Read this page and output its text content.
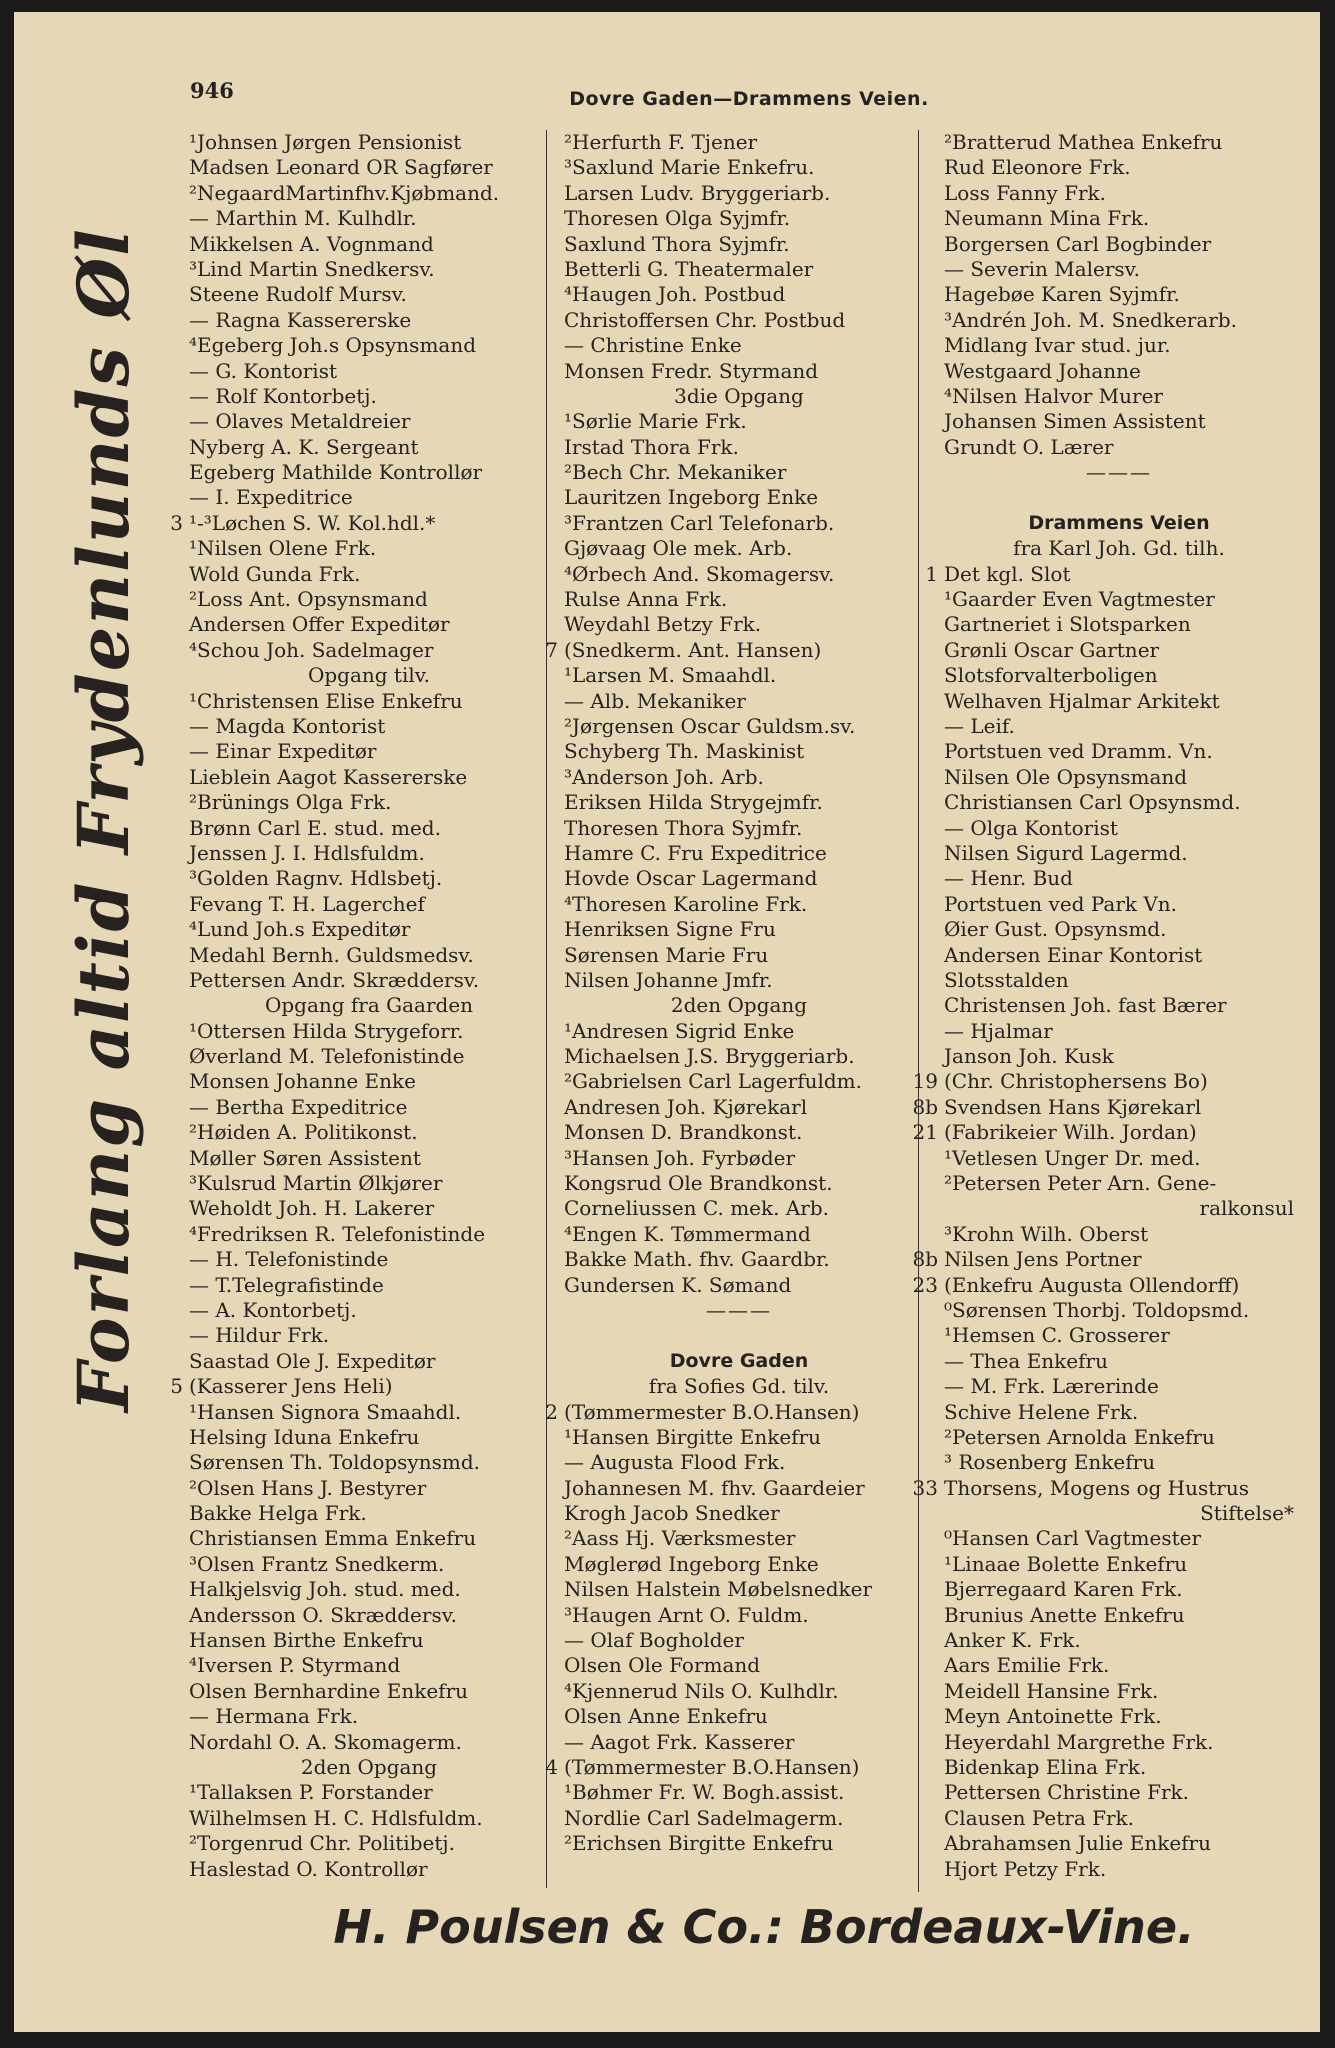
946	Dovre Gaden—Drammens Veien.
Forlang altid Frydenlunds Øl
¹Johnsen Jørgen Pensionist
Madsen Leonard OR Sagfører
²NegaardMartinfhv.Kjøbmand.
— Marthin M. Kulhdlr.
Mikkelsen A. Vognmand
³Lind Martin Snedkersv.
Steene Rudolf Mursv.
— Ragna Kassererske
⁴Egeberg Joh.s Opsynsmand
— G. Kontorist
— Rolf Kontorbetj.
— Olaves Metaldreier
Nyberg A. K. Sergeant
Egeberg Mathilde Kontrollør
— I. Expeditrice
3 ¹-³Løchen S. W. Kol.hdl.*
¹Nilsen Olene Frk.
Wold Gunda Frk.
²Loss Ant. Opsynsmand
Andersen Offer Expeditør
⁴Schou Joh. Sadelmager
Opgang tilv.
¹Christensen Elise Enkefru
— Magda Kontorist
— Einar Expeditør
Lieblein Aagot Kassererske
²Brünings Olga Frk.
Brønn Carl E. stud. med.
Jenssen J. I. Hdlsfuldm.
³Golden Ragnv. Hdlsbetj.
Fevang T. H. Lagerchef
⁴Lund Joh.s Expeditør
Medahl Bernh. Guldsmedsv.
Pettersen Andr. Skræddersv.
Opgang fra Gaarden
¹Ottersen Hilda Strygeforr.
Øverland M. Telefonistinde
Monsen Johanne Enke
— Bertha Expeditrice
²Høiden A. Politikonst.
Møller Søren Assistent
³Kulsrud Martin Ølkjører
Weholdt Joh. H. Lakerer
⁴Fredriksen R. Telefonistinde
— H. Telefonistinde
— T.Telegrafistinde
— A. Kontorbetj.
— Hildur Frk.
Saastad Ole J. Expeditør
5 (Kasserer Jens Heli)
¹Hansen Signora Smaahdl.
Helsing Iduna Enkefru
Sørensen Th. Toldopsynsmd.
²Olsen Hans J. Bestyrer
Bakke Helga Frk.
Christiansen Emma Enkefru
³Olsen Frantz Snedkerm.
Halkjelsvig Joh. stud. med.
Andersson O. Skræddersv.
Hansen Birthe Enkefru
⁴Iversen P. Styrmand
Olsen Bernhardine Enkefru
— Hermana Frk.
Nordahl O. A. Skomagerm.
2den Opgang
¹Tallaksen P. Forstander
Wilhelmsen H. C. Hdlsfuldm.
²Torgenrud Chr. Politibetj.
Haslestad O. Kontrollør
²Herfurth F. Tjener
³Saxlund Marie Enkefru.
Larsen Ludv. Bryggeriarb.
Thoresen Olga Syjmfr.
Saxlund Thora Syjmfr.
Betterli G. Theatermaler
⁴Haugen Joh. Postbud
Christoffersen Chr. Postbud
— Christine Enke
Monsen Fredr. Styrmand
3die Opgang
¹Sørlie Marie Frk.
Irstad Thora Frk.
²Bech Chr. Mekaniker
Lauritzen Ingeborg Enke
³Frantzen Carl Telefonarb.
Gjøvaag Ole mek. Arb.
⁴Ørbech And. Skomagersv.
Rulse Anna Frk.
Weydahl Betzy Frk.
7 (Snedkerm. Ant. Hansen)
¹Larsen M. Smaahdl.
— Alb. Mekaniker
²Jørgensen Oscar Guldsm.sv.
Schyberg Th. Maskinist
³Anderson Joh. Arb.
Eriksen Hilda Strygejmfr.
Thoresen Thora Syjmfr.
Hamre C. Fru Expeditrice
Hovde Oscar Lagermand
⁴Thoresen Karoline Frk.
Henriksen Signe Fru
Sørensen Marie Fru
Nilsen Johanne Jmfr.
2den Opgang
¹Andresen Sigrid Enke
Michaelsen J.S. Bryggeriarb.
²Gabrielsen Carl Lagerfuldm.
Andresen Joh. Kjørekarl
Monsen D. Brandkonst.
³Hansen Joh. Fyrbøder
Kongsrud Ole Brandkonst.
Corneliussen C. mek. Arb.
⁴Engen K. Tømmermand
Bakke Math. fhv. Gaardbr.
Gundersen K. Sømand
———
Dovre Gaden
fra Sofies Gd. tilv.
2 (Tømmermester B.O.Hansen)
¹Hansen Birgitte Enkefru
— Augusta Flood Frk.
Johannesen M. fhv. Gaardeier
Krogh Jacob Snedker
²Aass Hj. Værksmester
Møglerød Ingeborg Enke
Nilsen Halstein Møbelsnedker
³Haugen Arnt O. Fuldm.
— Olaf Bogholder
Olsen Ole Formand
⁴Kjennerud Nils O. Kulhdlr.
Olsen Anne Enkefru
— Aagot Frk. Kasserer
4 (Tømmermester B.O.Hansen)
¹Bøhmer Fr. W. Bogh.assist.
Nordlie Carl Sadelmagerm.
²Erichsen Birgitte Enkefru
²Bratterud Mathea Enkefru
Rud Eleonore Frk.
Loss Fanny Frk.
Neumann Mina Frk.
Borgersen Carl Bogbinder
— Severin Malersv.
Hagebøe Karen Syjmfr.
³Andrén Joh. M. Snedkerarb.
Midlang Ivar stud. jur.
Westgaard Johanne
⁴Nilsen Halvor Murer
Johansen Simen Assistent
Grundt O. Lærer
———
Drammens Veien
fra Karl Joh. Gd. tilh.
1 Det kgl. Slot
¹Gaarder Even Vagtmester
Gartneriet i Slotsparken
Grønli Oscar Gartner
Slotsforvalterboligen
Welhaven Hjalmar Arkitekt
— Leif.
Portstuen ved Dramm. Vn.
Nilsen Ole Opsynsmand
Christiansen Carl Opsynsmd.
— Olga Kontorist
Nilsen Sigurd Lagermd.
— Henr. Bud
Portstuen ved Park Vn.
Øier Gust. Opsynsmd.
Andersen Einar Kontorist
Slotsstalden
Christensen Joh. fast Bærer
— Hjalmar
Janson Joh. Kusk
19 (Chr. Christophersens Bo)
8b Svendsen Hans Kjørekarl
21 (Fabrikeier Wilh. Jordan)
¹Vetlesen Unger Dr. med.
²Petersen Peter Arn. Gene-
ralkonsul
³Krohn Wilh. Oberst
8b Nilsen Jens Portner
23 (Enkefru Augusta Ollendorff)
⁰Sørensen Thorbj. Toldopsmd.
¹Hemsen C. Grosserer
— Thea Enkefru
— M. Frk. Lærerinde
Schive Helene Frk.
²Petersen Arnolda Enkefru
³ Rosenberg Enkefru
33 Thorsens, Mogens og Hustrus
Stiftelse*
⁰Hansen Carl Vagtmester
¹Linaae Bolette Enkefru
Bjerregaard Karen Frk.
Brunius Anette Enkefru
Anker K. Frk.
Aars Emilie Frk.
Meidell Hansine Frk.
Meyn Antoinette Frk.
Heyerdahl Margrethe Frk.
Bidenkap Elina Frk.
Pettersen Christine Frk.
Clausen Petra Frk.
Abrahamsen Julie Enkefru
Hjort Petzy Frk.
H. Poulsen & Co.: Bordeaux-Vine.
